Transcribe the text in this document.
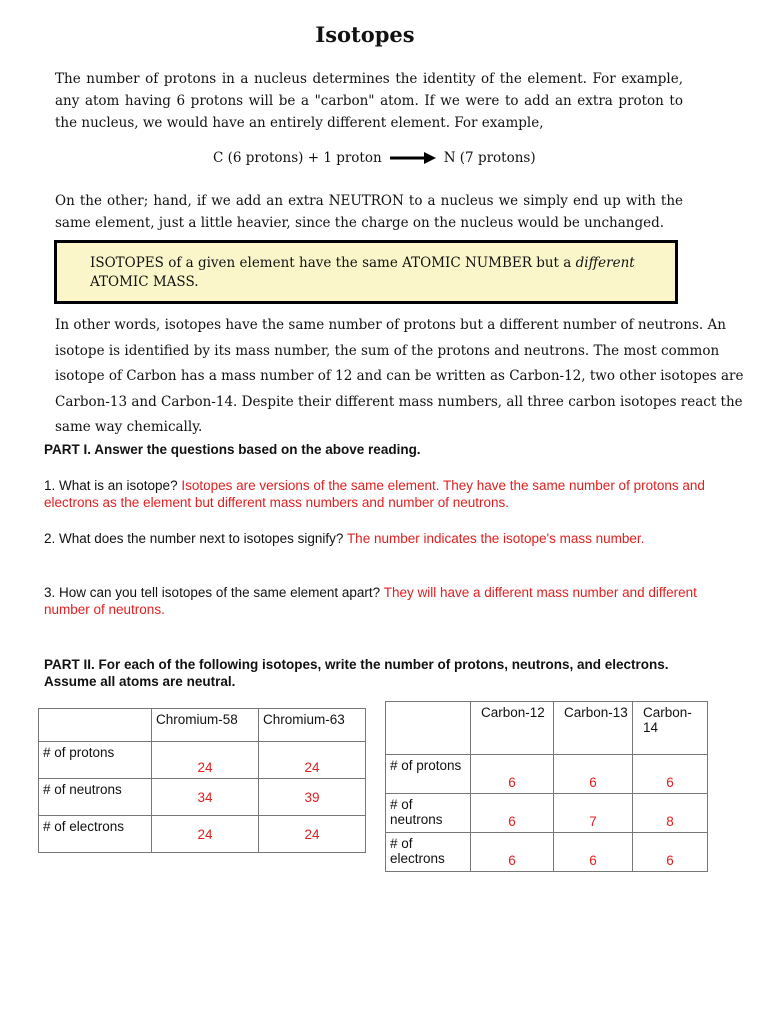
Isotopes
The number of protons in a nucleus determines the identity of the element. For example, any atom having 6 protons will be a "carbon" atom. If we were to add an extra proton to the nucleus, we would have an entirely different element. For example,
C (6 protons) + 1 proton	N (7 protons)
On the other; hand, if we add an extra NEUTRON to a nucleus we simply end up with the same element, just a little heavier, since the charge on the nucleus would be unchanged.
ISOTOPES of a given element have the same ATOMIC NUMBER but a different ATOMIC MASS.
In other words, isotopes have the same number of protons but a different number of neutrons. An isotope is identified by its mass number, the sum of the protons and neutrons. The most common isotope of Carbon has a mass number of 12 and can be written as Carbon-12, two other isotopes are Carbon-13 and Carbon-14. Despite their different mass numbers, all three carbon isotopes react the same way chemically.
PART I. Answer the questions based on the above reading.
1. What is an isotope? Isotopes are versions of the same element. They have the same number of protons and electrons as the element but different mass numbers and number of neutrons.
2. What does the number next to isotopes signify? The number indicates the isotope's mass number.
3. How can you tell isotopes of the same element apart? They will have a different mass number and different number of neutrons.
PART II. For each of the following isotopes, write the number of protons, neutrons, and electrons. Assume all atoms are neutral.
	Chromium-58	Chromium-63
# of protons	24	24

# of neutrons	34	39

# of electrons	24	24
	Carbon-12	Carbon-13	Carbon-14
# of protons	6	6	6

# of neutrons	6	7	8

# of electrons	6	6	6
